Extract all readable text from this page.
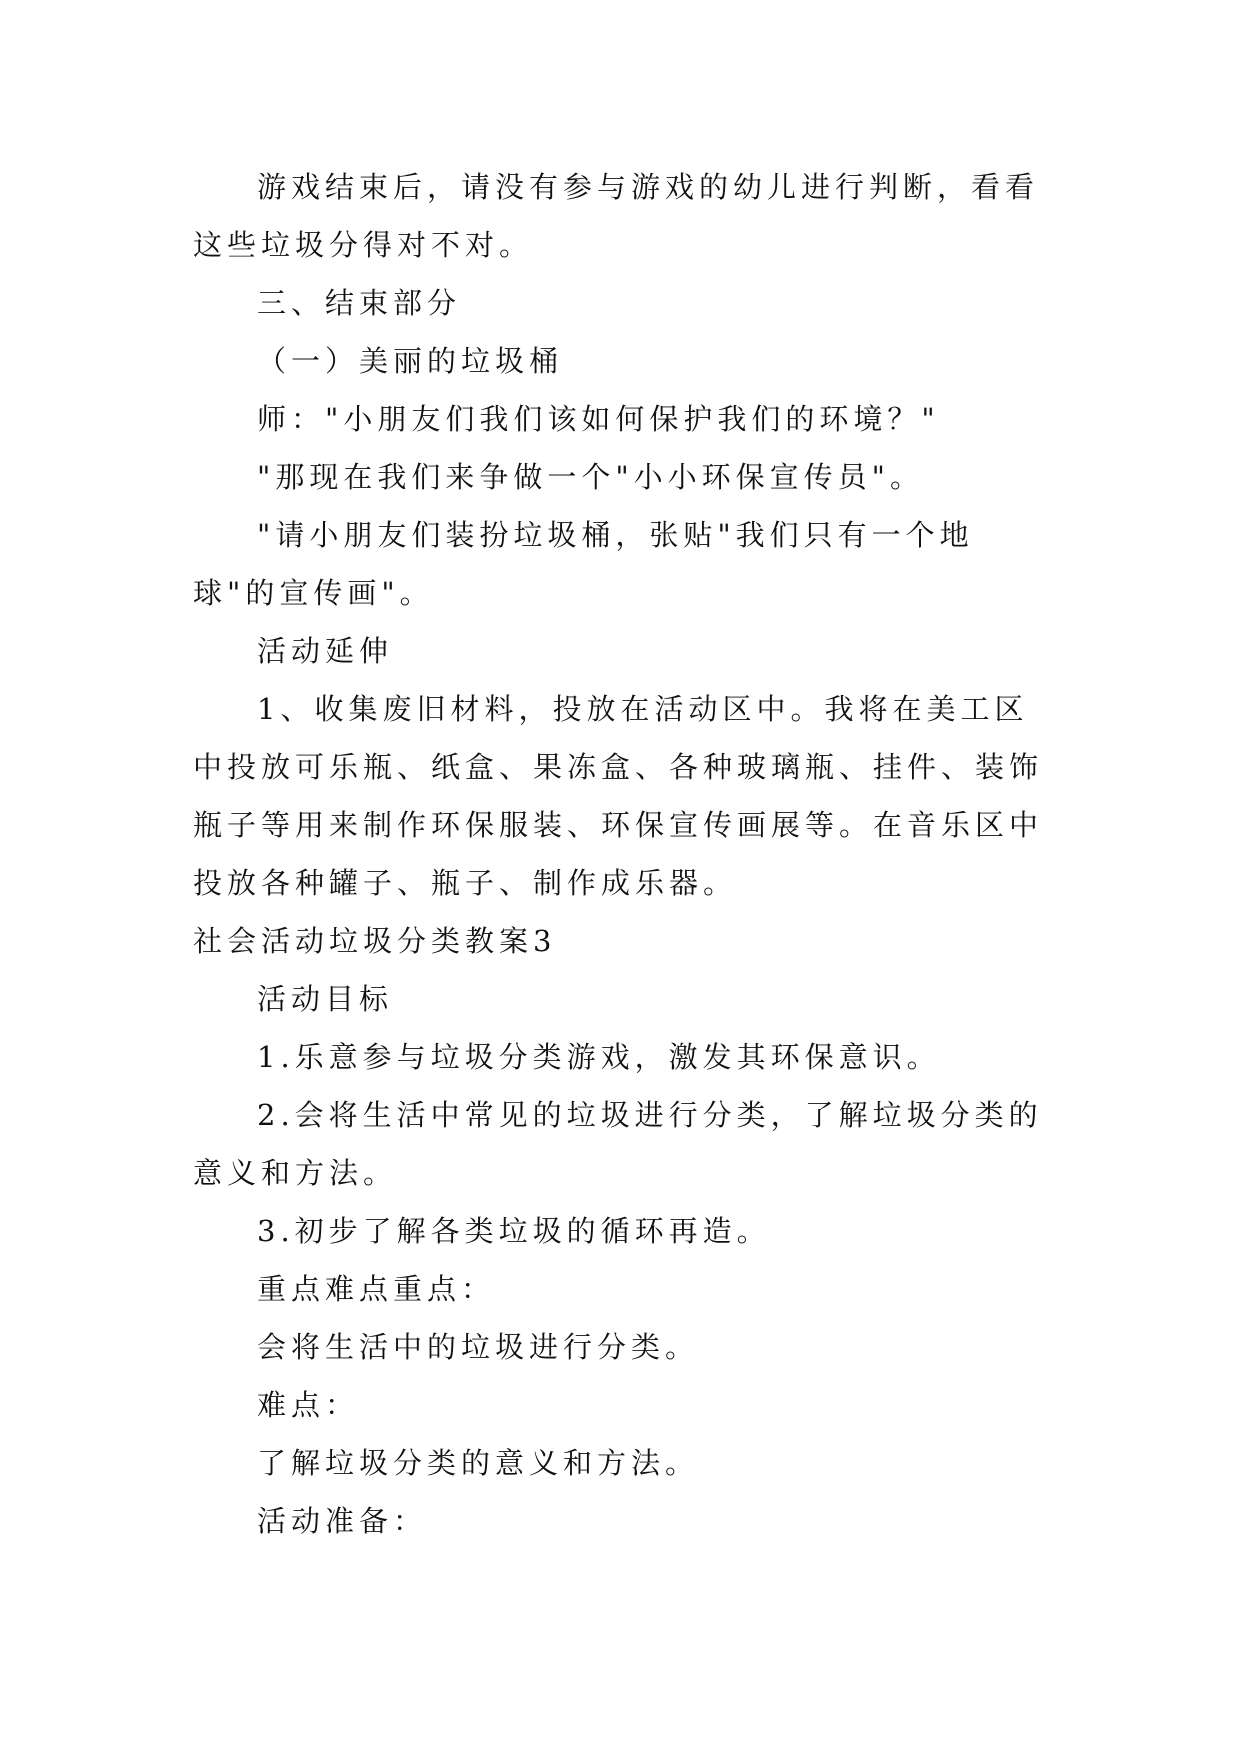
游戏结束后，请没有参与游戏的幼儿进行判断，看看这些垃圾分得对不对。

三、结束部分

（一）美丽的垃圾桶

师："小朋友们我们该如何保护我们的环境？"

"那现在我们来争做一个"小小环保宣传员"。

"请小朋友们装扮垃圾桶，张贴"我们只有一个地球"的宣传画"。

活动延伸

1、收集废旧材料，投放在活动区中。我将在美工区中投放可乐瓶、纸盒、果冻盒、各种玻璃瓶、挂件、装饰瓶子等用来制作环保服装、环保宣传画展等。在音乐区中投放各种罐子、瓶子、制作成乐器。

社会活动垃圾分类教案3

活动目标

1.乐意参与垃圾分类游戏，激发其环保意识。

2.会将生活中常见的垃圾进行分类，了解垃圾分类的意义和方法。

3.初步了解各类垃圾的循环再造。

重点难点重点：

会将生活中的垃圾进行分类。

难点：

了解垃圾分类的意义和方法。

活动准备：
